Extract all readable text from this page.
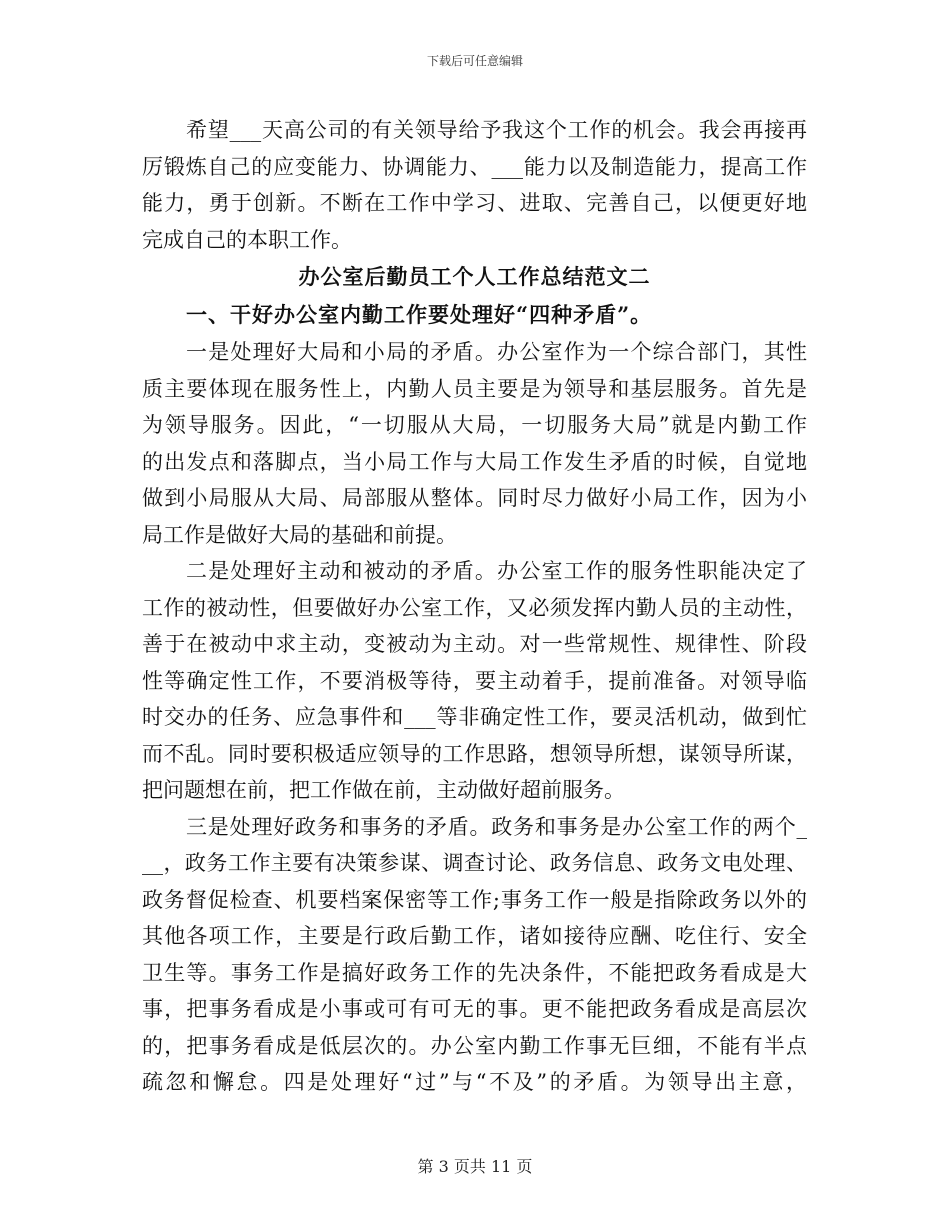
下载后可任意编辑
希望___天高公司的有关领导给予我这个工作的机会。我会再接再
厉锻炼自己的应变能力、协调能力、___能力以及制造能力，提高工作
能力，勇于创新。不断在工作中学习、进取、完善自己，以便更好地
完成自己的本职工作。
办公室后勤员工个人工作总结范文二
一、干好办公室内勤工作要处理好“四种矛盾”。
一是处理好大局和小局的矛盾。办公室作为一个综合部门，其性
质主要体现在服务性上，内勤人员主要是为领导和基层服务。首先是
为领导服务。因此，“一切服从大局，一切服务大局”就是内勤工作
的出发点和落脚点，当小局工作与大局工作发生矛盾的时候，自觉地
做到小局服从大局、局部服从整体。同时尽力做好小局工作，因为小
局工作是做好大局的基础和前提。
二是处理好主动和被动的矛盾。办公室工作的服务性职能决定了
工作的被动性，但要做好办公室工作，又必须发挥内勤人员的主动性，
善于在被动中求主动，变被动为主动。对一些常规性、规律性、阶段
性等确定性工作，不要消极等待，要主动着手，提前准备。对领导临
时交办的任务、应急事件和___等非确定性工作，要灵活机动，做到忙
而不乱。同时要积极适应领导的工作思路，想领导所想，谋领导所谋，
把问题想在前，把工作做在前，主动做好超前服务。
三是处理好政务和事务的矛盾。政务和事务是办公室工作的两个_
__，政务工作主要有决策参谋、调查讨论、政务信息、政务文电处理、
政务督促检查、机要档案保密等工作;事务工作一般是指除政务以外的
其他各项工作，主要是行政后勤工作，诸如接待应酬、吃住行、安全
卫生等。事务工作是搞好政务工作的先决条件，不能把政务看成是大
事，把事务看成是小事或可有可无的事。更不能把政务看成是高层次
的，把事务看成是低层次的。办公室内勤工作事无巨细，不能有半点
疏忽和懈怠。四是处理好“过”与“不及”的矛盾。为领导出主意，
第 3 页共 11 页
